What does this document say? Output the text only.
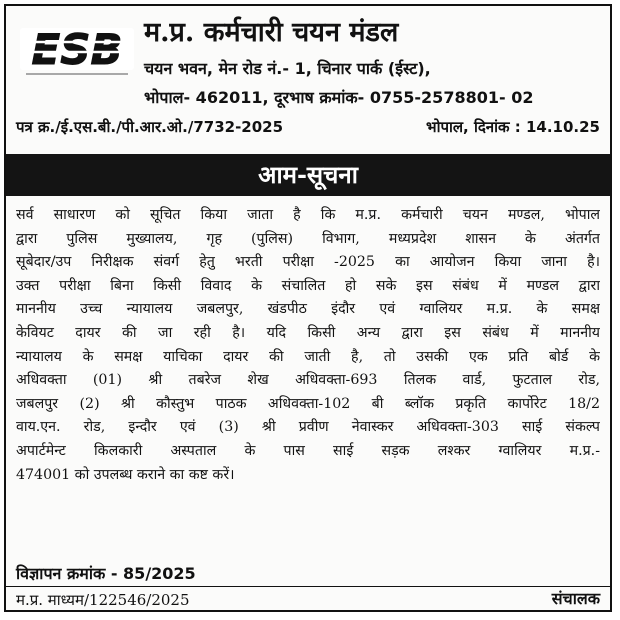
ESB म.प्र. कर्मचारी चयन मंडल
चयन भवन, मेन रोड नं.- 1, चिनार पार्क (ईस्ट),
भोपाल- 462011, दूरभाष क्रमांक- 0755-2578801- 02
पत्र क्र./ई.एस.बी./पी.आर.ओ./7732-2025	भोपाल, दिनांक : 14.10.25
आम-सूचना
सर्व साधारण को सूचित किया जाता है कि म.प्र. कर्मचारी चयन मण्डल, भोपाल
द्वारा पुलिस मुख्यालय, गृह (पुलिस) विभाग, मध्यप्रदेश शासन के अंतर्गत
सूबेदार/उप निरीक्षक संवर्ग हेतु भरती परीक्षा -2025 का आयोजन किया जाना है।
उक्त परीक्षा बिना किसी विवाद के संचालित हो सके इस संबंध में मण्डल द्वारा
माननीय उच्च न्यायालय जबलपुर, खंडपीठ इंदौर एवं ग्वालियर म.प्र. के समक्ष
केवियट दायर की जा रही है। यदि किसी अन्य द्वारा इस संबंध में माननीय
न्यायालय के समक्ष याचिका दायर की जाती है, तो उसकी एक प्रति बोर्ड के
अधिवक्ता (01) श्री तबरेज शेख अधिवक्ता-693 तिलक वार्ड, फुटताल रोड,
जबलपुर (2) श्री कौस्तुभ पाठक अधिवक्ता-102 बी ब्लॉक प्रकृति कार्पोरेट 18/2
वाय.एन. रोड, इन्दौर एवं (3) श्री प्रवीण नेवास्कर अधिवक्ता-303 साई संकल्प
अपार्टमेन्ट किलकारी अस्पताल के पास साई सड़क लश्कर ग्वालियर म.प्र.-
474001 को उपलब्ध कराने का कष्ट करें।
विज्ञापन क्रमांक - 85/2025
म.प्र. माध्यम/122546/2025	संचालक
